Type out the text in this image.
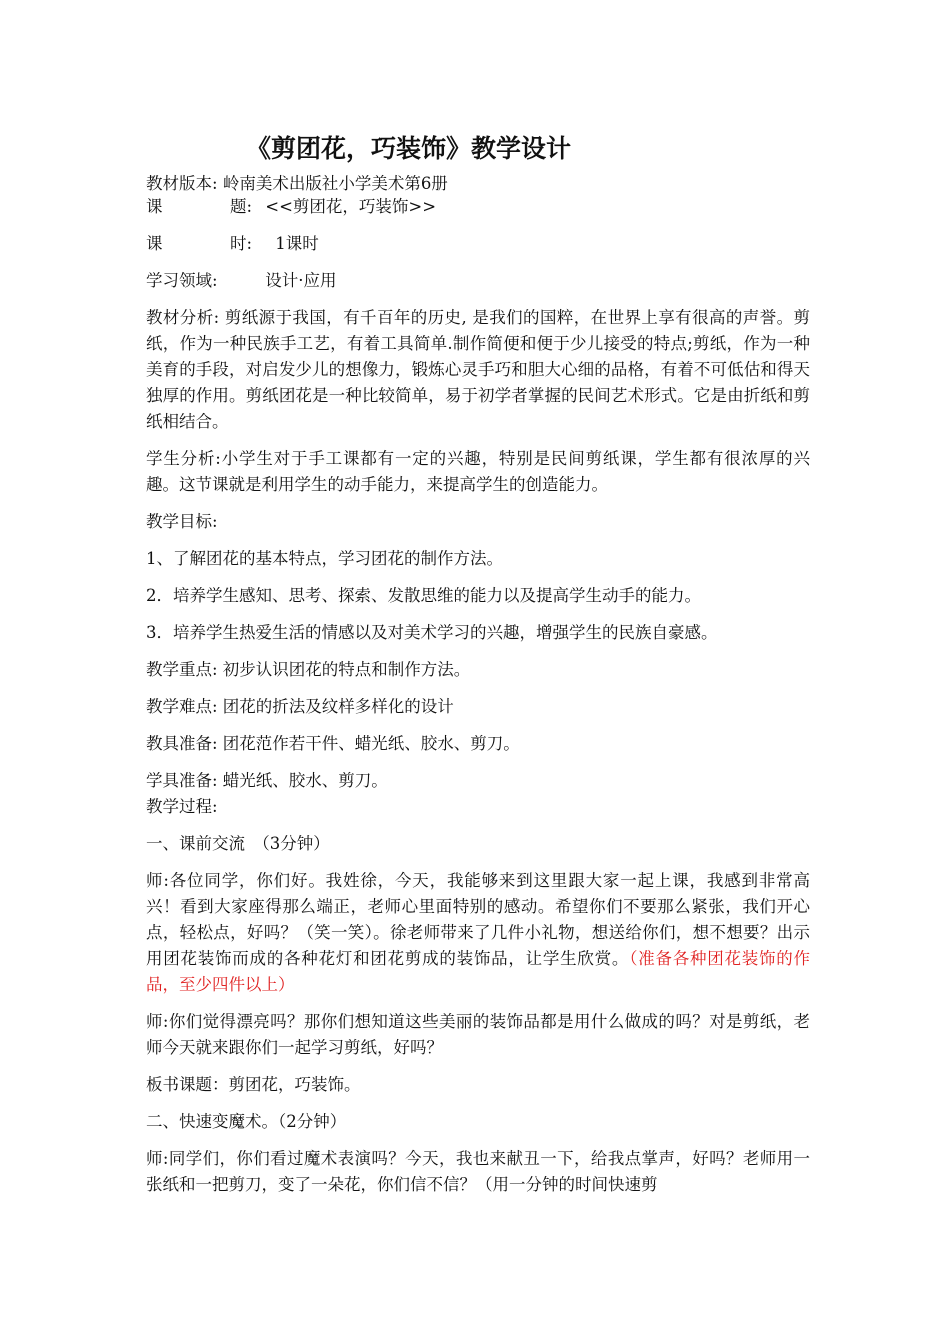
《剪团花，巧装饰》教学设计

教材版本: 岭南美术出版社小学美术第6册

课	题: <<剪团花，巧装饰>>

课	时: 1课时

学习领域:	设计·应用

教材分析: 剪纸源于我国，有千百年的历史, 是我们的国粹，在世界上享有很高的声誉。剪纸，作为一种民族手工艺，有着工具简单.制作简便和便于少儿接受的特点;剪纸，作为一种美育的手段，对启发少儿的想像力，锻炼心灵手巧和胆大心细的品格，有着不可低估和得天独厚的作用。剪纸团花是一种比较简单，易于初学者掌握的民间艺术形式。它是由折纸和剪纸相结合。

学生分析:小学生对于手工课都有一定的兴趣，特别是民间剪纸课，学生都有很浓厚的兴趣。这节课就是利用学生的动手能力，来提高学生的创造能力。

教学目标:

1、了解团花的基本特点，学习团花的制作方法。

2．培养学生感知、思考、探索、发散思维的能力以及提高学生动手的能力。

3．培养学生热爱生活的情感以及对美术学习的兴趣，增强学生的民族自豪感。

教学重点: 初步认识团花的特点和制作方法。

教学难点: 团花的折法及纹样多样化的设计

教具准备: 团花范作若干件、蜡光纸、胶水、剪刀。

学具准备: 蜡光纸、胶水、剪刀。

教学过程:

一、课前交流　（3分钟）

师:各位同学，你们好。我姓徐，今天，我能够来到这里跟大家一起上课，我感到非常高兴！看到大家座得那么端正，老师心里面特别的感动。希望你们不要那么紧张，我们开心点，轻松点，好吗？（笑一笑）。徐老师带来了几件小礼物，想送给你们，想不想要？出示用团花装饰而成的各种花灯和团花剪成的装饰品，让学生欣赏。（准备各种团花装饰的作品，至少四件以上）

师:你们觉得漂亮吗？那你们想知道这些美丽的装饰品都是用什么做成的吗？对是剪纸，老师今天就来跟你们一起学习剪纸，好吗？

板书课题：剪团花，巧装饰。

二、快速变魔术。（2分钟）

师:同学们，你们看过魔术表演吗？今天，我也来献丑一下，给我点掌声，好吗？老师用一张纸和一把剪刀，变了一朵花，你们信不信？（用一分钟的时间快速剪
